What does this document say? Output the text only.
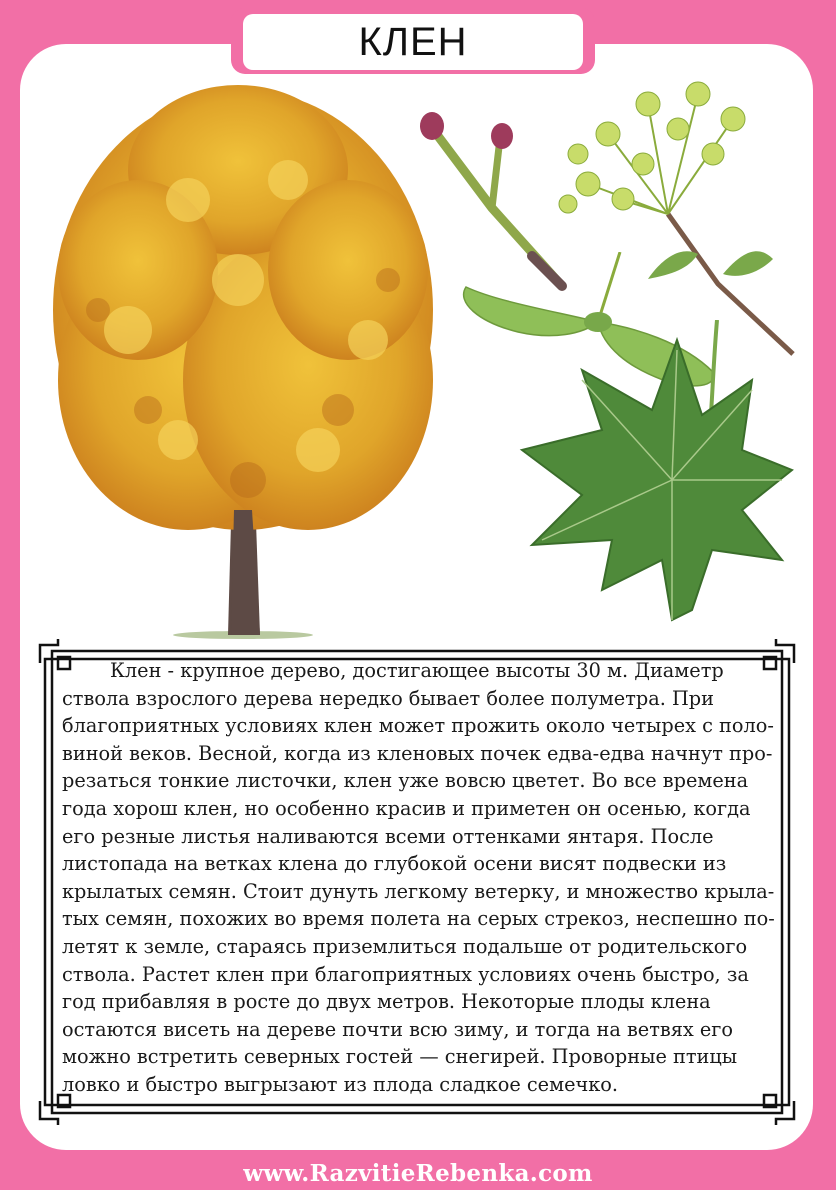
КЛЕН

Клен - крупное дерево, достигающее высоты 30 м. Диаметр
ствола взрослого дерева нередко бывает более полуметра. При
благоприятных условиях клен может прожить около четырех с поло-
виной веков. Весной, когда из кленовых почек едва-едва начнут про-
резаться тонкие листочки, клен уже вовсю цветет. Во все времена
года хорош клен, но особенно красив и приметен он осенью, когда
его резные листья наливаются всеми оттенками янтаря. После
листопада на ветках клена до глубокой осени висят подвески из
крылатых семян. Стоит дунуть легкому ветерку, и множество крыла-
тых семян, похожих во время полета на серых стрекоз, неспешно по-
летят к земле, стараясь приземлиться подальше от родительского
ствола. Растет клен при благоприятных условиях очень быстро, за
год прибавляя в росте до двух метров. Некоторые плоды клена
остаются висеть на дереве почти всю зиму, и тогда на ветвях его
можно встретить северных гостей — снегирей. Проворные птицы
ловко и быстро выгрызают из плода сладкое семечко.

www.RazvitieRebenka.com
